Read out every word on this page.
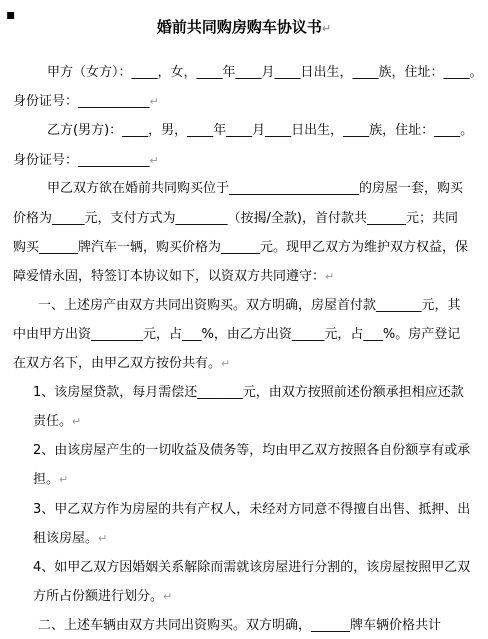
▪
婚前共同购房购车协议书↵
甲方（女方）：____，女，____年____月____日出生，____族，住址：____。
身份证号：___________↵
乙方(男方)：____，男，____年____月____日出生，____族，住址：____。
身份证号：___________↵
甲乙双方欲在婚前共同购买位于____________________的房屋一套，购买
价格为_____元，支付方式为________（按揭/全款)，首付款共______元；共同
购买______牌汽车一辆，购买价格为______元。现甲乙双方为维护双方权益，保
障爱情永固，特签订本协议如下，以资双方共同遵守：↵
一、上述房产由双方共同出资购买。双方明确，房屋首付款_______元，其
中由甲方出资________元，占___%，由乙方出资_____元，占___%。房产登记
在双方名下，由甲乙双方按份共有。↵
1、该房屋贷款，每月需偿还_______元，由双方按照前述份额承担相应还款
责任。↵
2、由该房屋产生的一切收益及债务等，均由甲乙双方按照各自份额享有或承
担。↵
3、甲乙双方作为房屋的共有产权人，未经对方同意不得擅自出售、抵押、出
租该房屋。↵
4、如甲乙双方因婚姻关系解除而需就该房屋进行分割的，该房屋按照甲乙双
方所占份额进行划分。↵
二、上述车辆由双方共同出资购买。双方明确，______牌车辆价格共计
